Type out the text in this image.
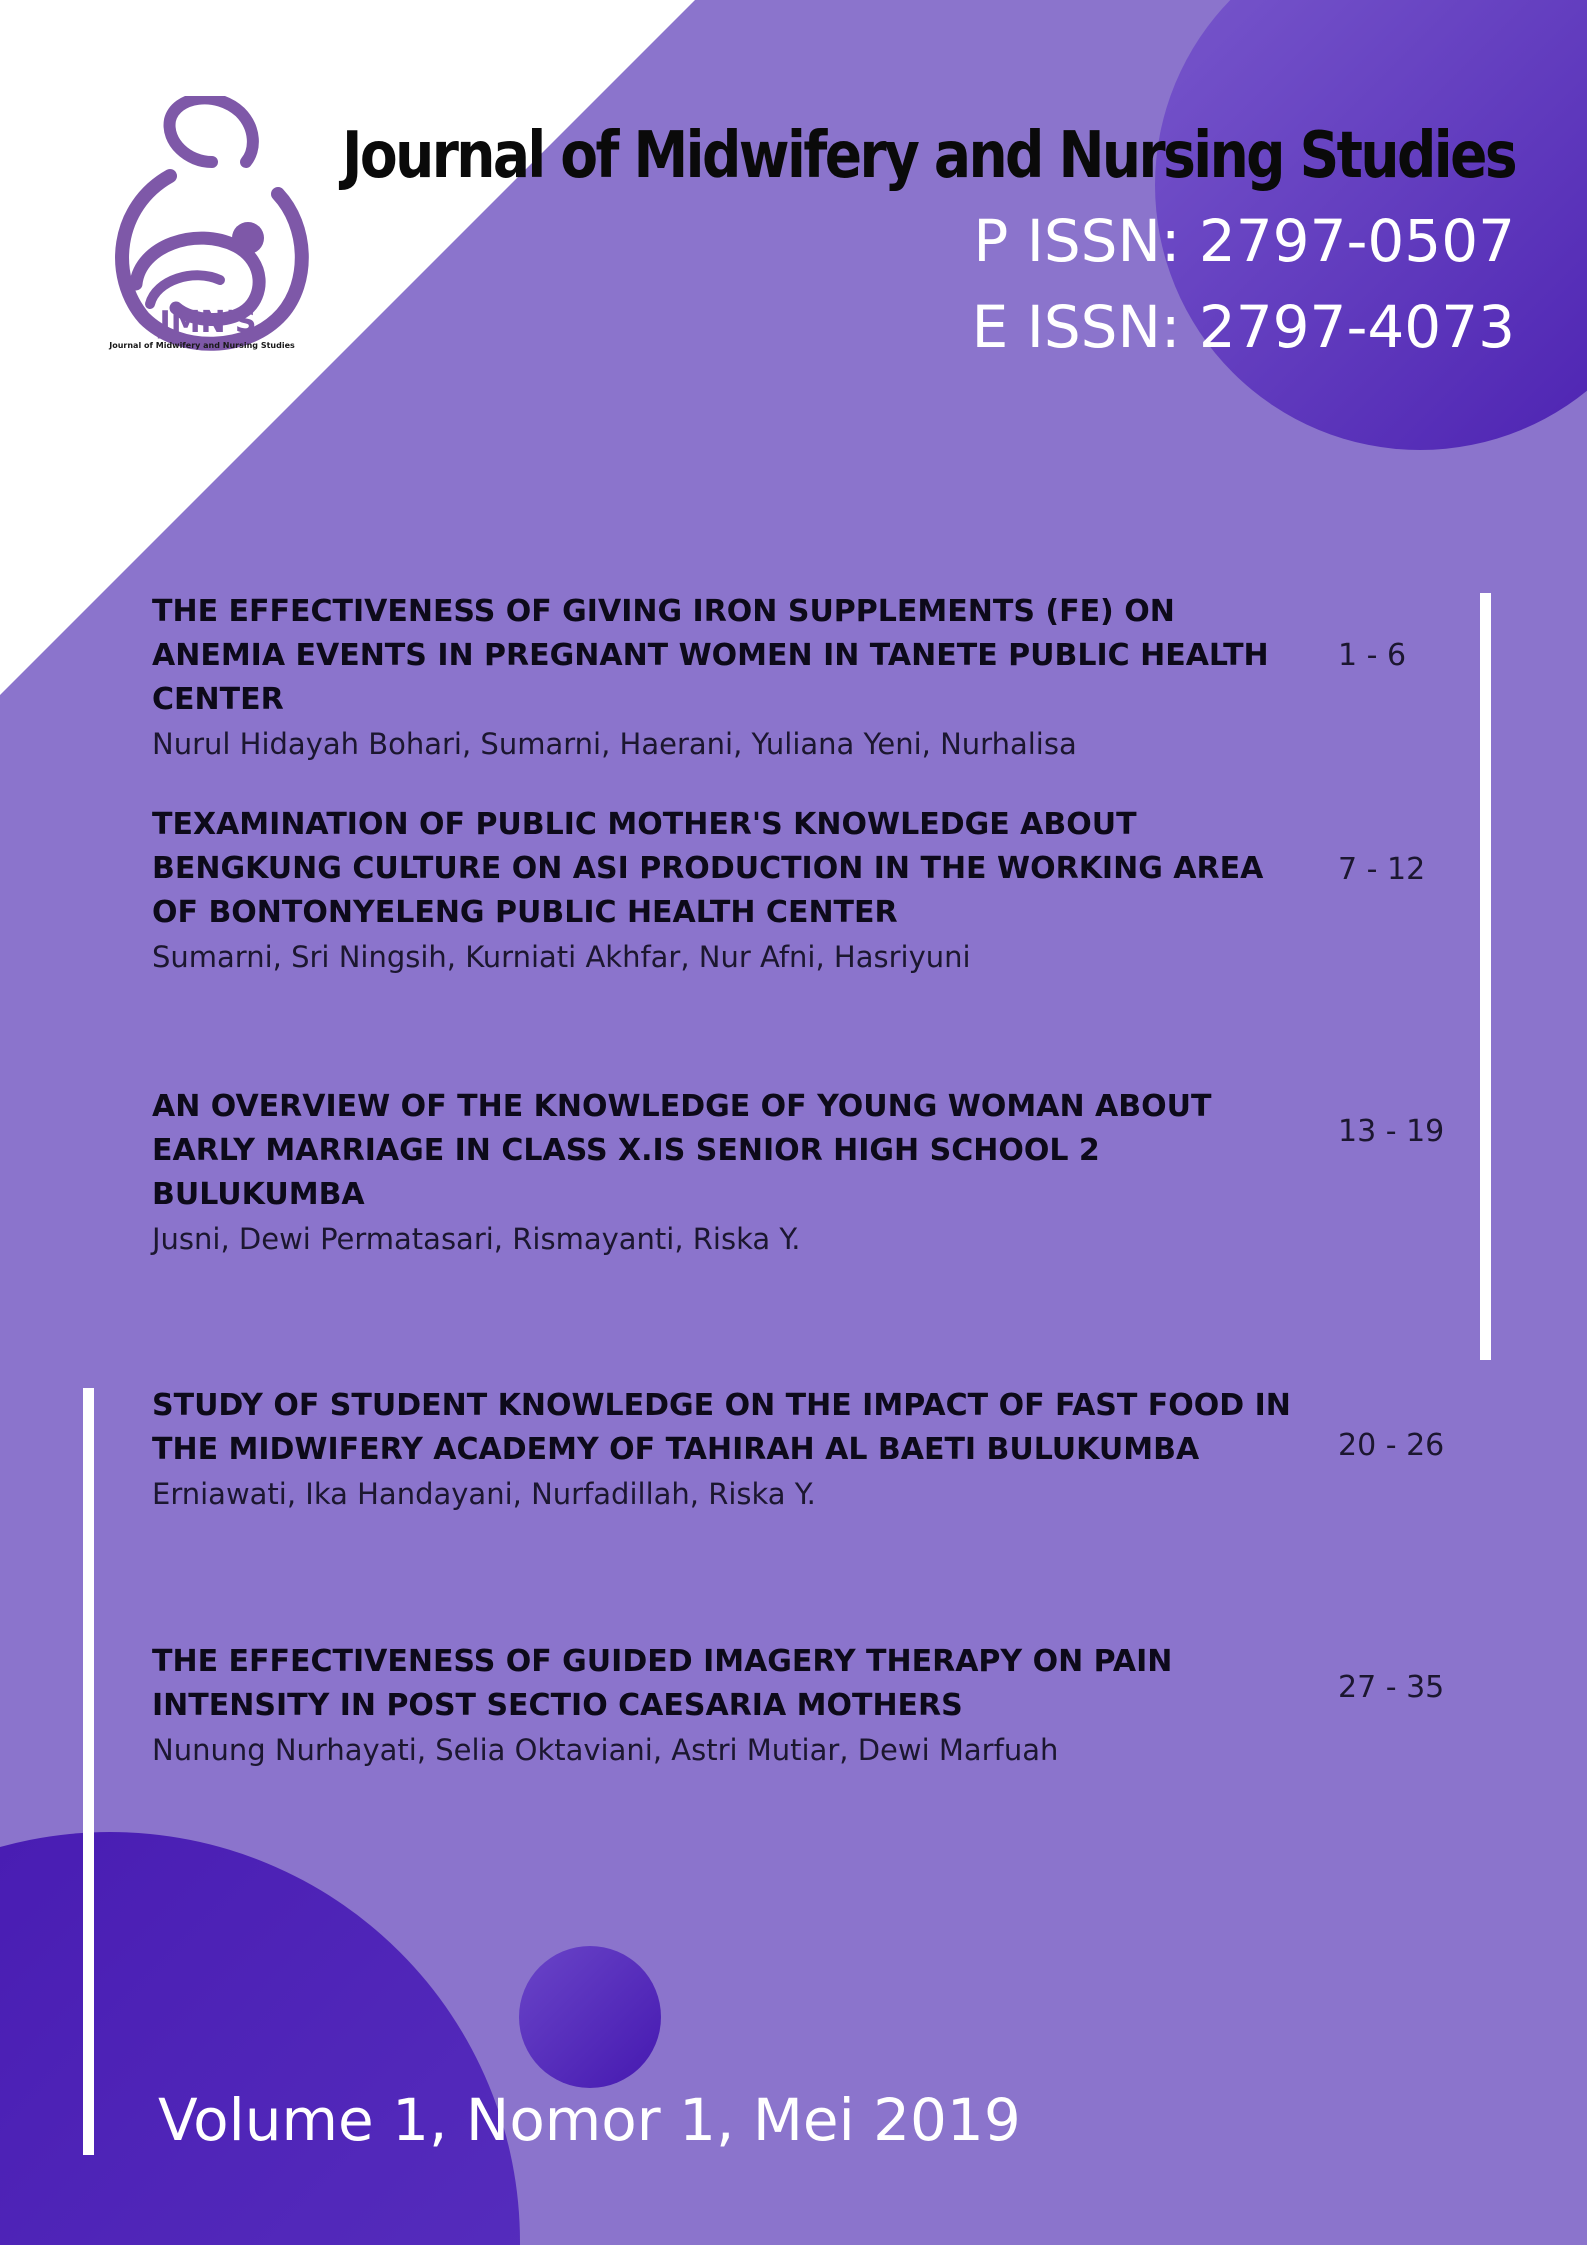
JMN'S
Journal of Midwifery and Nursing Studies
Journal of Midwifery and Nursing Studies
P ISSN: 2797-0507
E ISSN: 2797-4073

THE EFFECTIVENESS OF GIVING IRON SUPPLEMENTS (FE) ON ANEMIA EVENTS IN PREGNANT WOMEN IN TANETE PUBLIC HEALTH CENTER

Nurul Hidayah Bohari, Sumarni, Haerani, Yuliana Yeni, Nurhalisa

1 - 6

TEXAMINATION OF PUBLIC MOTHER'S KNOWLEDGE ABOUT BENGKUNG CULTURE ON ASI PRODUCTION IN THE WORKING AREA OF BONTONYELENG PUBLIC HEALTH CENTER

Sumarni, Sri Ningsih, Kurniati Akhfar, Nur Afni, Hasriyuni

7 - 12

AN OVERVIEW OF THE KNOWLEDGE OF YOUNG WOMAN ABOUT EARLY MARRIAGE IN CLASS X.IS SENIOR HIGH SCHOOL 2 BULUKUMBA

Jusni, Dewi Permatasari, Rismayanti, Riska Y.

13 - 19

STUDY OF STUDENT KNOWLEDGE ON THE IMPACT OF FAST FOOD IN THE MIDWIFERY ACADEMY OF TAHIRAH AL BAETI BULUKUMBA

Erniawati, Ika Handayani, Nurfadillah, Riska Y.

20 - 26

THE EFFECTIVENESS OF GUIDED IMAGERY THERAPY ON PAIN INTENSITY IN POST SECTIO CAESARIA MOTHERS

Nunung Nurhayati, Selia Oktaviani, Astri Mutiar, Dewi Marfuah

27 - 35

Volume 1, Nomor 1, Mei 2019
